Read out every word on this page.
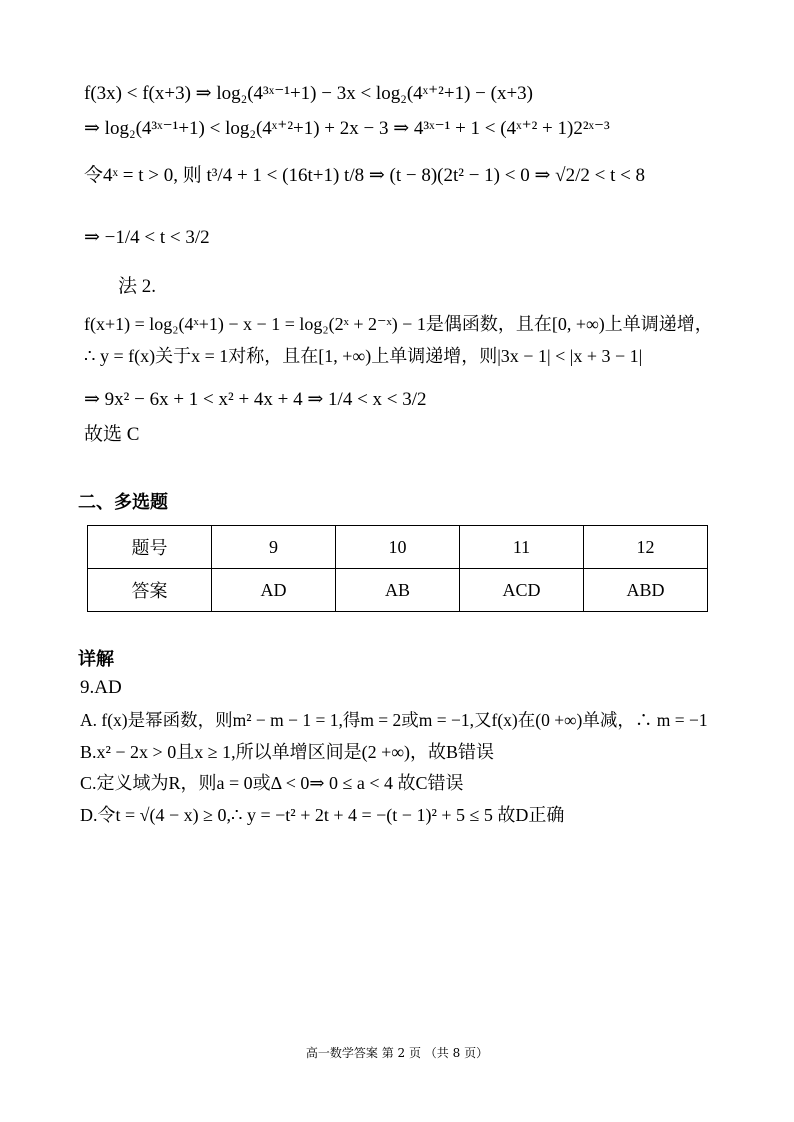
f(3x) < f(x+3) ⇒ log₂(4³ˣ⁻¹+1) − 3x < log₂(4ˣ⁺²+1) − (x+3)
⇒ log₂(4³ˣ⁻¹+1) < log₂(4ˣ⁺²+1) + 2x − 3 ⇒ 4³ˣ⁻¹ + 1 < (4ˣ⁺² + 1)2²ˣ⁻³
令4ˣ = t > 0, 则 t³/4 + 1 < (16t+1) t/8 ⇒ (t − 8)(2t² − 1) < 0 ⇒ √2/2 < t < 8
⇒ −1/4 < t < 3/2
法 2.
f(x+1) = log₂(4ˣ+1) − x − 1 = log₂(2ˣ + 2⁻ˣ) − 1是偶函数，且在[0, +∞)上单调递增，
∴ y = f(x)关于x = 1对称，且在[1, +∞)上单调递增，则|3x − 1| < |x + 3 − 1|
⇒ 9x² − 6x + 1 < x² + 4x + 4 ⇒ 1/4 < x < 3/2
故选 C
二、多选题
题号	9	10	11	12
答案	AD	AB	ACD	ABD
详解
9.AD
A. f(x)是幂函数，则m² − m − 1 = 1,得m = 2或m = −1,又f(x)在(0 +∞)单减，∴ m = −1
B.x² − 2x > 0且x ≥ 1,所以单增区间是(2 +∞)，故B错误
C.定义域为R，则a = 0或Δ < 0⇒ 0 ≤ a < 4 故C错误
D.令t = √(4 − x) ≥ 0,∴ y = −t² + 2t + 4 = −(t − 1)² + 5 ≤ 5 故D正确
高一数学答案 第 2 页 （共 8 页）
